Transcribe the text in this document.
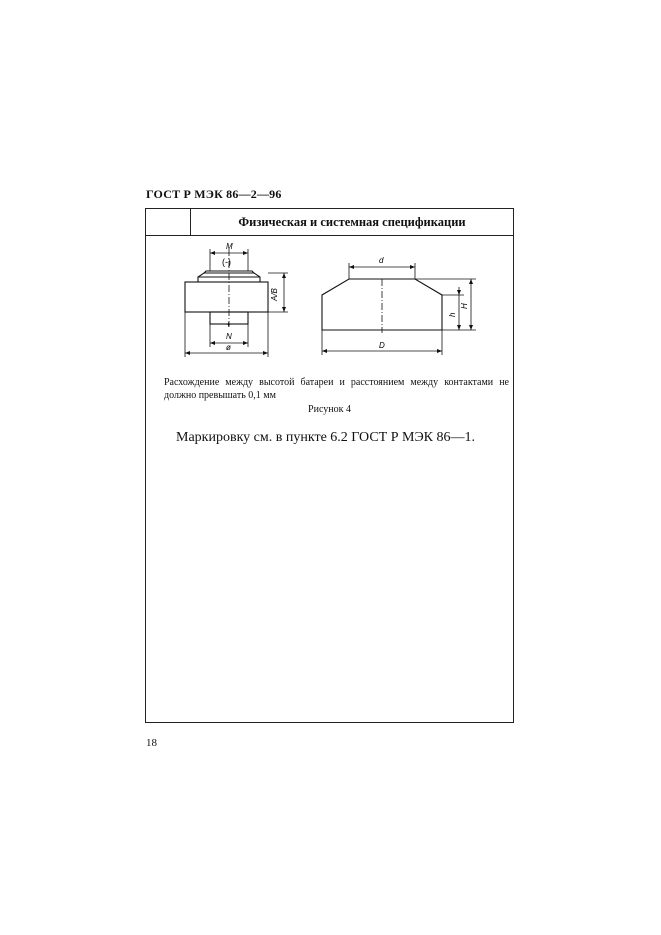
ГОСТ Р МЭК 86—2—96
Физическая и системная спецификации
M
(-)
A/B
+
N
ø
d
h
H
D
Расхождение между высотой батареи и расстоянием между контактами не должно превышать 0,1 мм
Рисунок 4
Маркировку см. в пункте 6.2 ГОСТ Р МЭК 86—1.
18
